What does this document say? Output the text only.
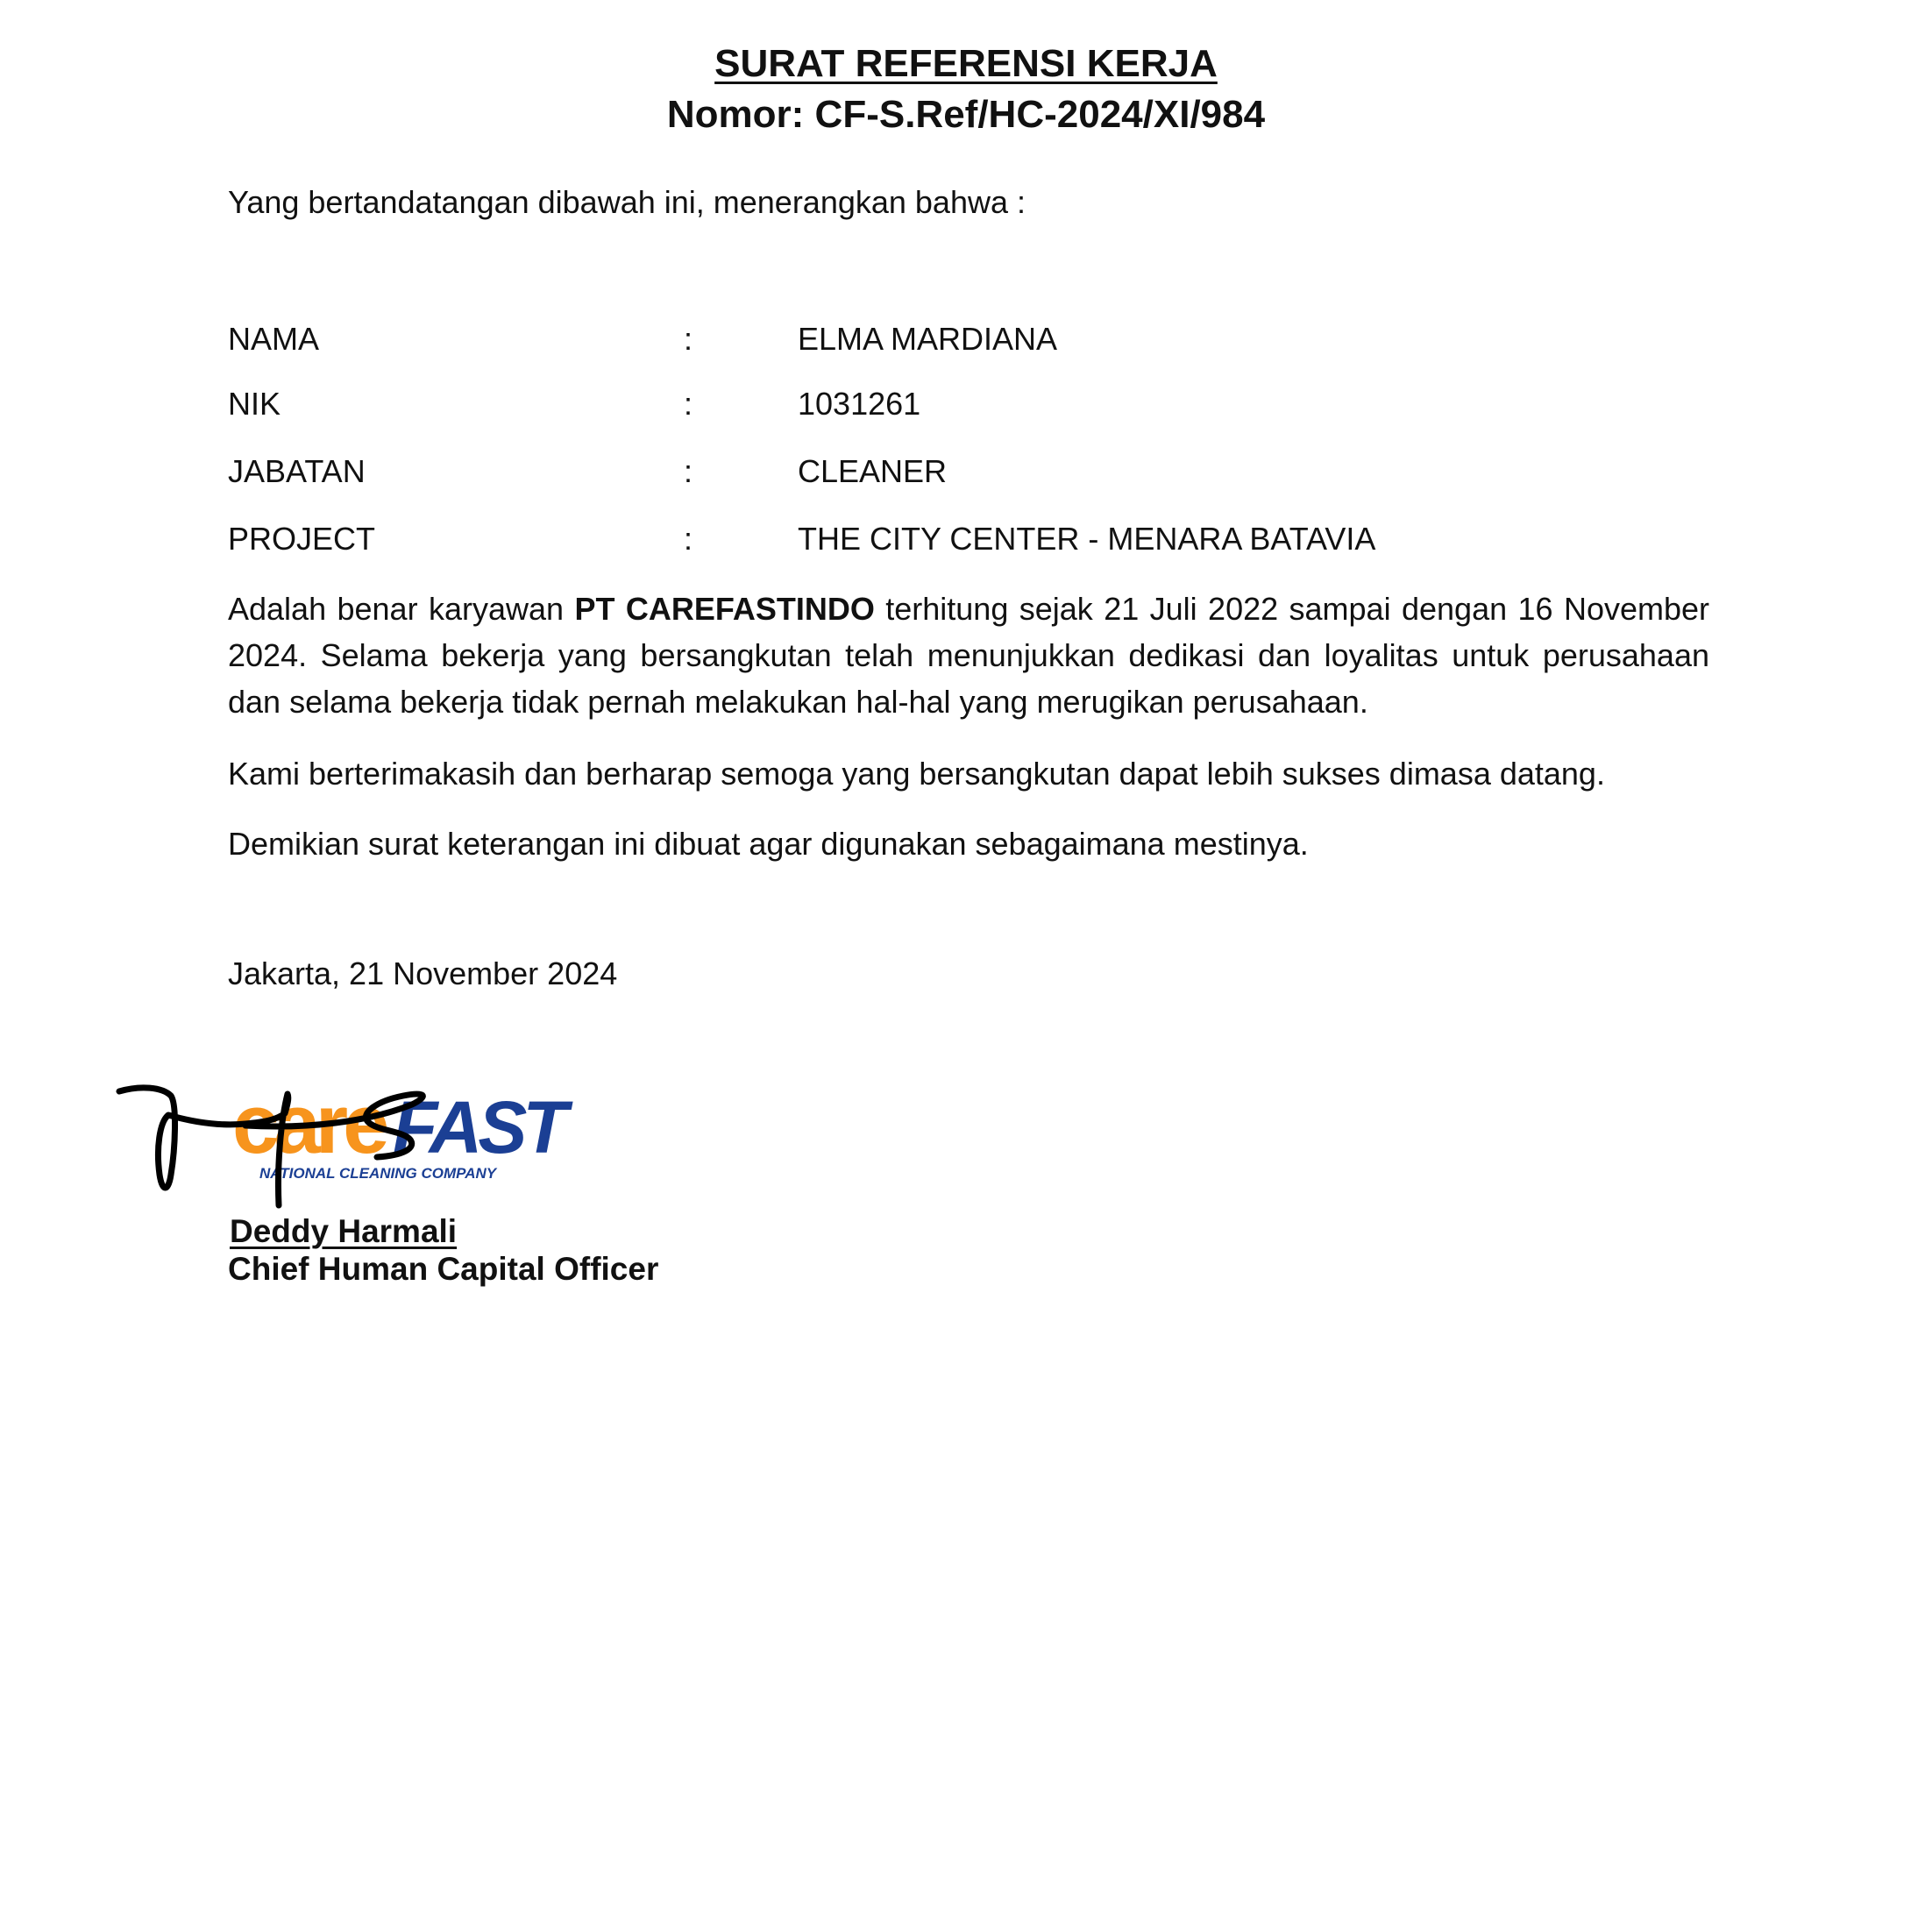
SURAT REFERENSI KERJA
Nomor: CF-S.Ref/HC-2024/XI/984
Yang bertandatangan dibawah ini, menerangkan bahwa :
NAMA	:	ELMA MARDIANA
NIK	:	1031261
JABATAN	:	CLEANER
PROJECT	:	THE CITY CENTER - MENARA BATAVIA
Adalah benar karyawan PT CAREFASTINDO terhitung sejak 21 Juli 2022 sampai dengan 16 November 2024. Selama bekerja yang bersangkutan telah menunjukkan dedikasi dan loyalitas untuk perusahaan dan selama bekerja tidak pernah melakukan hal-hal yang merugikan perusahaan.
Kami berterimakasih dan berharap semoga yang bersangkutan dapat lebih sukses dimasa datang.
Demikian surat keterangan ini dibuat agar digunakan sebagaimana mestinya.
Jakarta, 21 November 2024
care FAST
NATIONAL CLEANING COMPANY
Deddy Harmali
Chief Human Capital Officer
